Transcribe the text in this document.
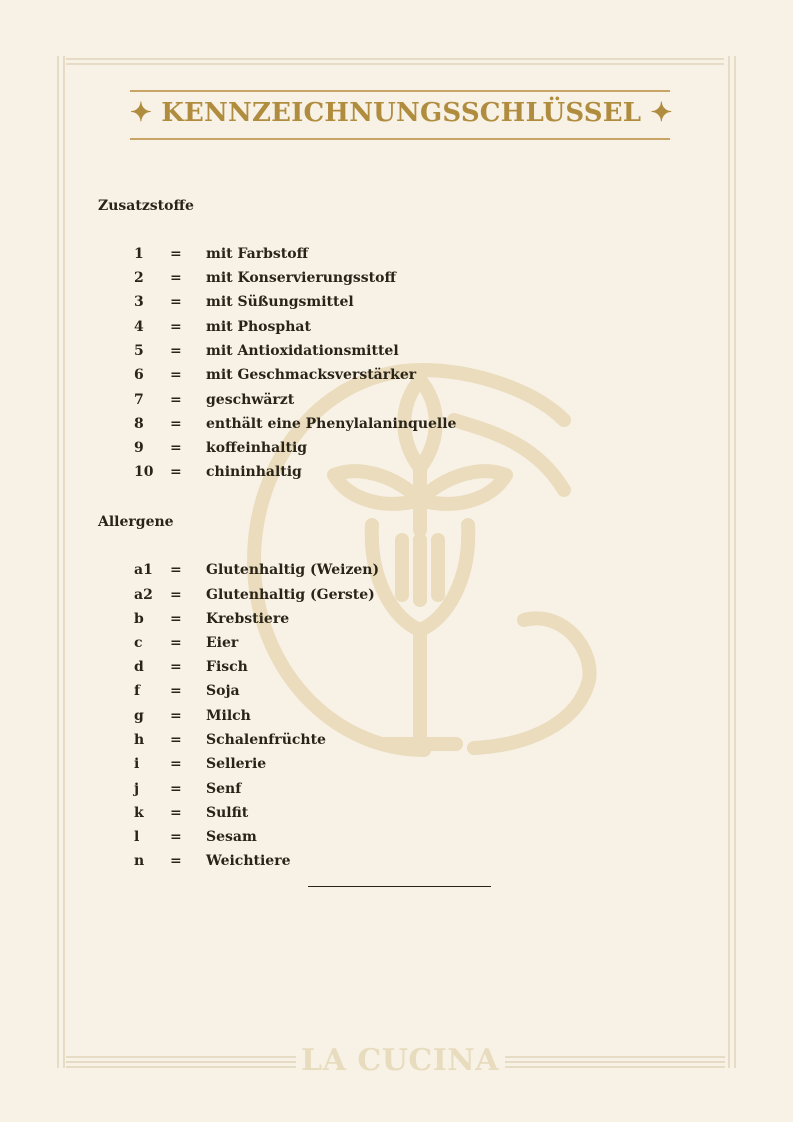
✦ KENNZEICHNUNGSSCHLÜSSEL ✦
Zusatzstoffe
1	=	mit Farbstoff
2	=	mit Konservierungsstoff
3	=	mit Süßungsmittel
4	=	mit Phosphat
5	=	mit Antioxidationsmittel
6	=	mit Geschmacksverstärker
7	=	geschwärzt
8	=	enthält eine Phenylalaninquelle
9	=	koffeinhaltig
10	=	chininhaltig
Allergene
a1	=	Glutenhaltig (Weizen)
a2	=	Glutenhaltig (Gerste)
b	=	Krebstiere
c	=	Eier
d	=	Fisch
f	=	Soja
g	=	Milch
h	=	Schalenfrüchte
i	=	Sellerie
j	=	Senf
k	=	Sulfit
l	=	Sesam
n	=	Weichtiere
LA CUCINA
